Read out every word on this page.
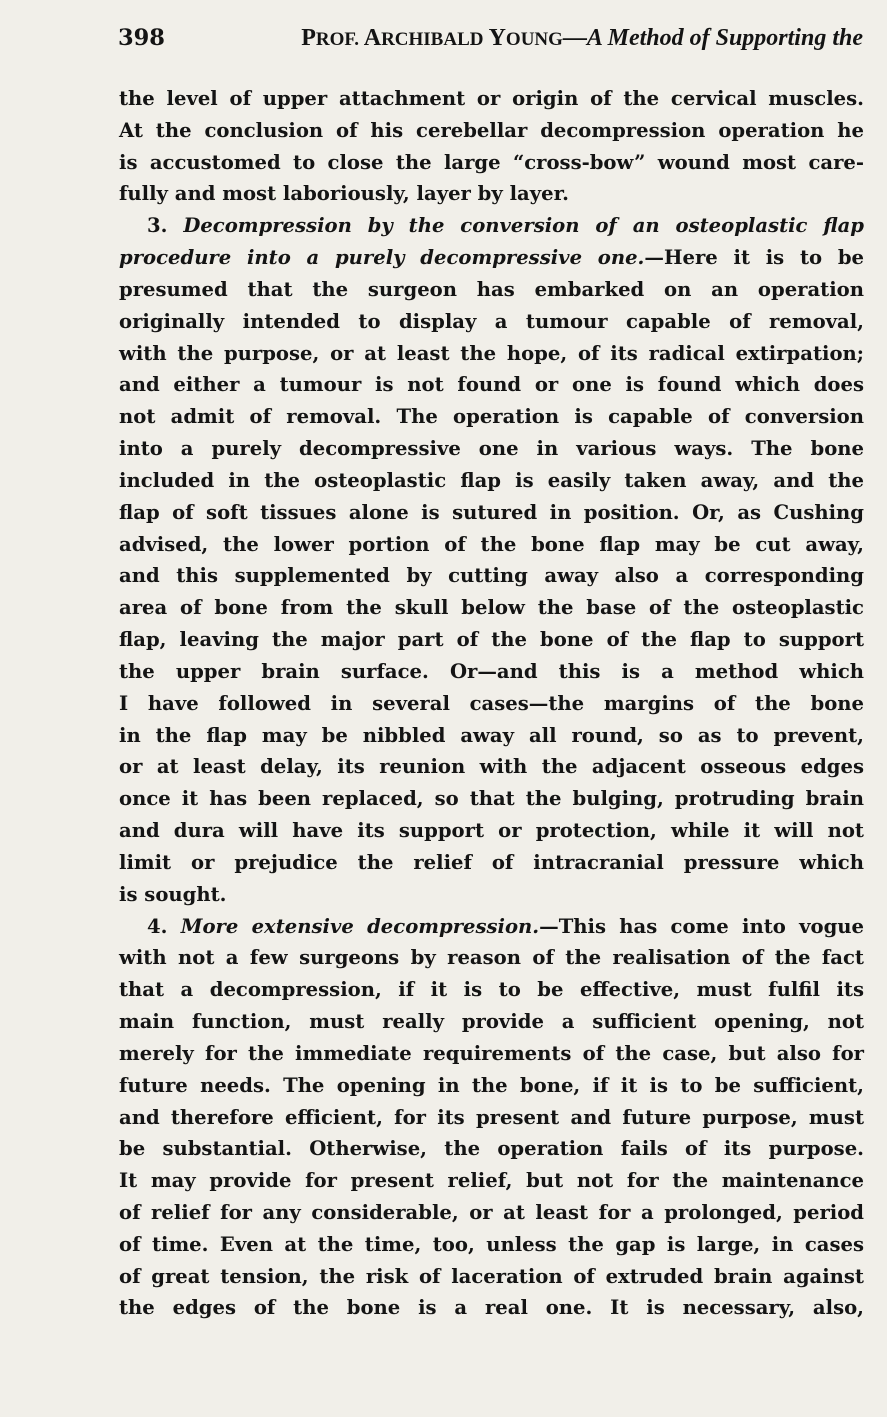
398	PROF. ARCHIBALD YOUNG—A Method of Supporting the
the level of upper attachment or origin of the cervical muscles.
At the conclusion of his cerebellar decompression operation he
is accustomed to close the large “cross-bow” wound most care-
fully and most laboriously, layer by layer.
3. Decompression by the conversion of an osteoplastic flap
procedure into a purely decompressive one.—Here it is to be
presumed that the surgeon has embarked on an operation
originally intended to display a tumour capable of removal,
with the purpose, or at least the hope, of its radical extirpation;
and either a tumour is not found or one is found which does
not admit of removal. The operation is capable of conversion
into a purely decompressive one in various ways. The bone
included in the osteoplastic flap is easily taken away, and the
flap of soft tissues alone is sutured in position. Or, as Cushing
advised, the lower portion of the bone flap may be cut away,
and this supplemented by cutting away also a corresponding
area of bone from the skull below the base of the osteoplastic
flap, leaving the major part of the bone of the flap to support
the upper brain surface. Or—and this is a method which
I have followed in several cases—the margins of the bone
in the flap may be nibbled away all round, so as to prevent,
or at least delay, its reunion with the adjacent osseous edges
once it has been replaced, so that the bulging, protruding brain
and dura will have its support or protection, while it will not
limit or prejudice the relief of intracranial pressure which
is sought.
4. More extensive decompression.—This has come into vogue
with not a few surgeons by reason of the realisation of the fact
that a decompression, if it is to be effective, must fulfil its
main function, must really provide a sufficient opening, not
merely for the immediate requirements of the case, but also for
future needs. The opening in the bone, if it is to be sufficient,
and therefore efficient, for its present and future purpose, must
be substantial. Otherwise, the operation fails of its purpose.
It may provide for present relief, but not for the maintenance
of relief for any considerable, or at least for a prolonged, period
of time. Even at the time, too, unless the gap is large, in cases
of great tension, the risk of laceration of extruded brain against
the edges of the bone is a real one. It is necessary, also,
